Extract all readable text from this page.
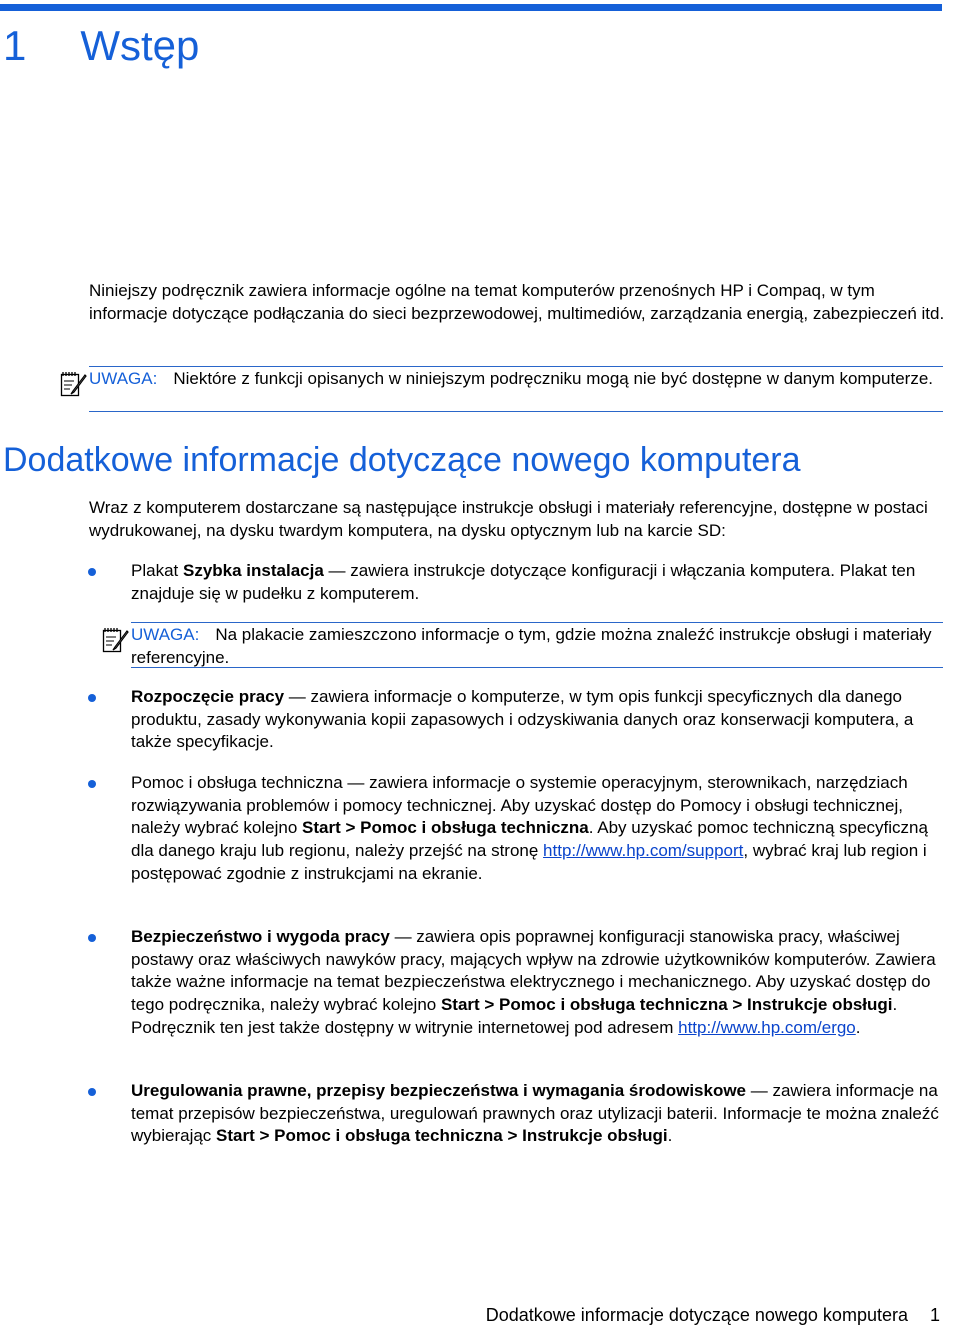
1 Wstęp

Niniejszy podręcznik zawiera informacje ogólne na temat komputerów przenośnych HP i Compaq, w tym informacje dotyczące podłączania do sieci bezprzewodowej, multimediów, zarządzania energią, zabezpieczeń itd.

UWAGA: Niektóre z funkcji opisanych w niniejszym podręczniku mogą nie być dostępne w danym komputerze.
Dodatkowe informacje dotyczące nowego komputera

Wraz z komputerem dostarczane są następujące instrukcje obsługi i materiały referencyjne, dostępne w postaci wydrukowanej, na dysku twardym komputera, na dysku optycznym lub na karcie SD:

Plakat Szybka instalacja — zawiera instrukcje dotyczące konfiguracji i włączania komputera. Plakat ten znajduje się w pudełku z komputerem.
UWAGA: Na plakacie zamieszczono informacje o tym, gdzie można znaleźć instrukcje obsługi i materiały referencyjne.
Rozpoczęcie pracy — zawiera informacje o komputerze, w tym opis funkcji specyficznych dla danego produktu, zasady wykonywania kopii zapasowych i odzyskiwania danych oraz konserwacji komputera, a także specyfikacje.
Pomoc i obsługa techniczna — zawiera informacje o systemie operacyjnym, sterownikach, narzędziach rozwiązywania problemów i pomocy technicznej. Aby uzyskać dostęp do Pomocy i obsługi technicznej, należy wybrać kolejno Start > Pomoc i obsługa techniczna. Aby uzyskać pomoc techniczną specyficzną dla danego kraju lub regionu, należy przejść na stronę http://www.hp.com/support, wybrać kraj lub region i postępować zgodnie z instrukcjami na ekranie.
Bezpieczeństwo i wygoda pracy — zawiera opis poprawnej konfiguracji stanowiska pracy, właściwej postawy oraz właściwych nawyków pracy, mających wpływ na zdrowie użytkowników komputerów. Zawiera także ważne informacje na temat bezpieczeństwa elektrycznego i mechanicznego. Aby uzyskać dostęp do tego podręcznika, należy wybrać kolejno Start > Pomoc i obsługa techniczna > Instrukcje obsługi. Podręcznik ten jest także dostępny w witrynie internetowej pod adresem http://www.hp.com/ergo.
Uregulowania prawne, przepisy bezpieczeństwa i wymagania środowiskowe — zawiera informacje na temat przepisów bezpieczeństwa, uregulowań prawnych oraz utylizacji baterii. Informacje te można znaleźć wybierając Start > Pomoc i obsługa techniczna > Instrukcje obsługi.
Dodatkowe informacje dotyczące nowego komputera 1
